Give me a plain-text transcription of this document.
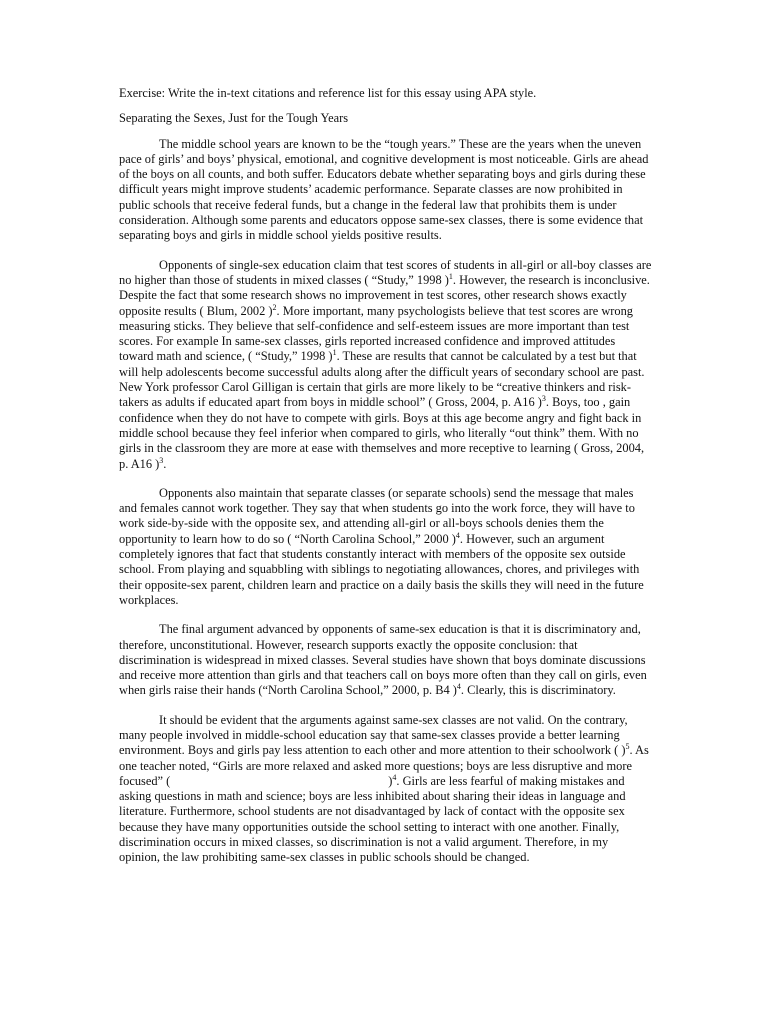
Exercise: Write the in-text citations and reference list for this essay using APA style.

Separating the Sexes, Just for the Tough Years

The middle school years are known to be the “tough years.” These are the years when the uneven pace of girls’ and boys’ physical, emotional, and cognitive development is most noticeable. Girls are ahead of the boys on all counts, and both suffer. Educators debate whether separating boys and girls during these difficult years might improve students’ academic performance. Separate classes are now prohibited in public schools that receive federal funds, but a change in the federal law that prohibits them is under consideration. Although some parents and educators oppose same-sex classes, there is some evidence that separating boys and girls in middle school yields positive results.

Opponents of single-sex education claim that test scores of students in all-girl or all-boy classes are no higher than those of students in mixed classes ( “Study,” 1998 )$^1$. However, the research is inconclusive. Despite the fact that some research shows no improvement in test scores, other research shows exactly opposite results ( Blum, 2002 )$^2$. More important, many psychologists believe that test scores are wrong measuring sticks. They believe that self-confidence and self-esteem issues are more important than test scores. For example In same-sex classes, girls reported increased confidence and improved attitudes toward math and science, ( “Study,” 1998 )$^1$. These are results that cannot be calculated by a test but that will help adolescents become successful adults along after the difficult years of secondary school are past. New York professor Carol Gilligan is certain that girls are more likely to be “creative thinkers and risk-takers as adults if educated apart from boys in middle school” ( Gross, 2004, p. A16 )$^3$. Boys, too , gain confidence when they do not have to compete with girls. Boys at this age become angry and fight back in middle school because they feel inferior when compared to girls, who literally “out think” them. With no girls in the classroom they are more at ease with themselves and more receptive to learning ( Gross, 2004, p. A16 )$^3$.

Opponents also maintain that separate classes (or separate schools) send the message that males and females cannot work together. They say that when students go into the work force, they will have to work side-by-side with the opposite sex, and attending all-girl or all-boys schools denies them the opportunity to learn how to do so ( “North Carolina School,” 2000 )$^4$. However, such an argument completely ignores that fact that students constantly interact with members of the opposite sex outside school. From playing and squabbling with siblings to negotiating allowances, chores, and privileges with their opposite-sex parent, children learn and practice on a daily basis the skills they will need in the future workplaces.

The final argument advanced by opponents of same-sex education is that it is discriminatory and, therefore, unconstitutional. However, research supports exactly the opposite conclusion: that discrimination is widespread in mixed classes. Several studies have shown that boys dominate discussions and receive more attention than girls and that teachers call on boys more often than they call on girls, even when girls raise their hands (“North Carolina School,” 2000, p. B4 )$^4$. Clearly, this is discriminatory.

It should be evident that the arguments against same-sex classes are not valid. On the contrary, many people involved in middle-school education say that same-sex classes provide a better learning environment. Boys and girls pay less attention to each other and more attention to their schoolwork ( )$^5$. As one teacher noted, “Girls are more relaxed and asked more questions; boys are less disruptive and more focused” (	)$^4$. Girls are less fearful of making mistakes and asking questions in math and science; boys are less inhibited about sharing their ideas in language and literature. Furthermore, school students are not disadvantaged by lack of contact with the opposite sex because they have many opportunities outside the school setting to interact with one another. Finally, discrimination occurs in mixed classes, so discrimination is not a valid argument. Therefore, in my opinion, the law prohibiting same-sex classes in public schools should be changed.
